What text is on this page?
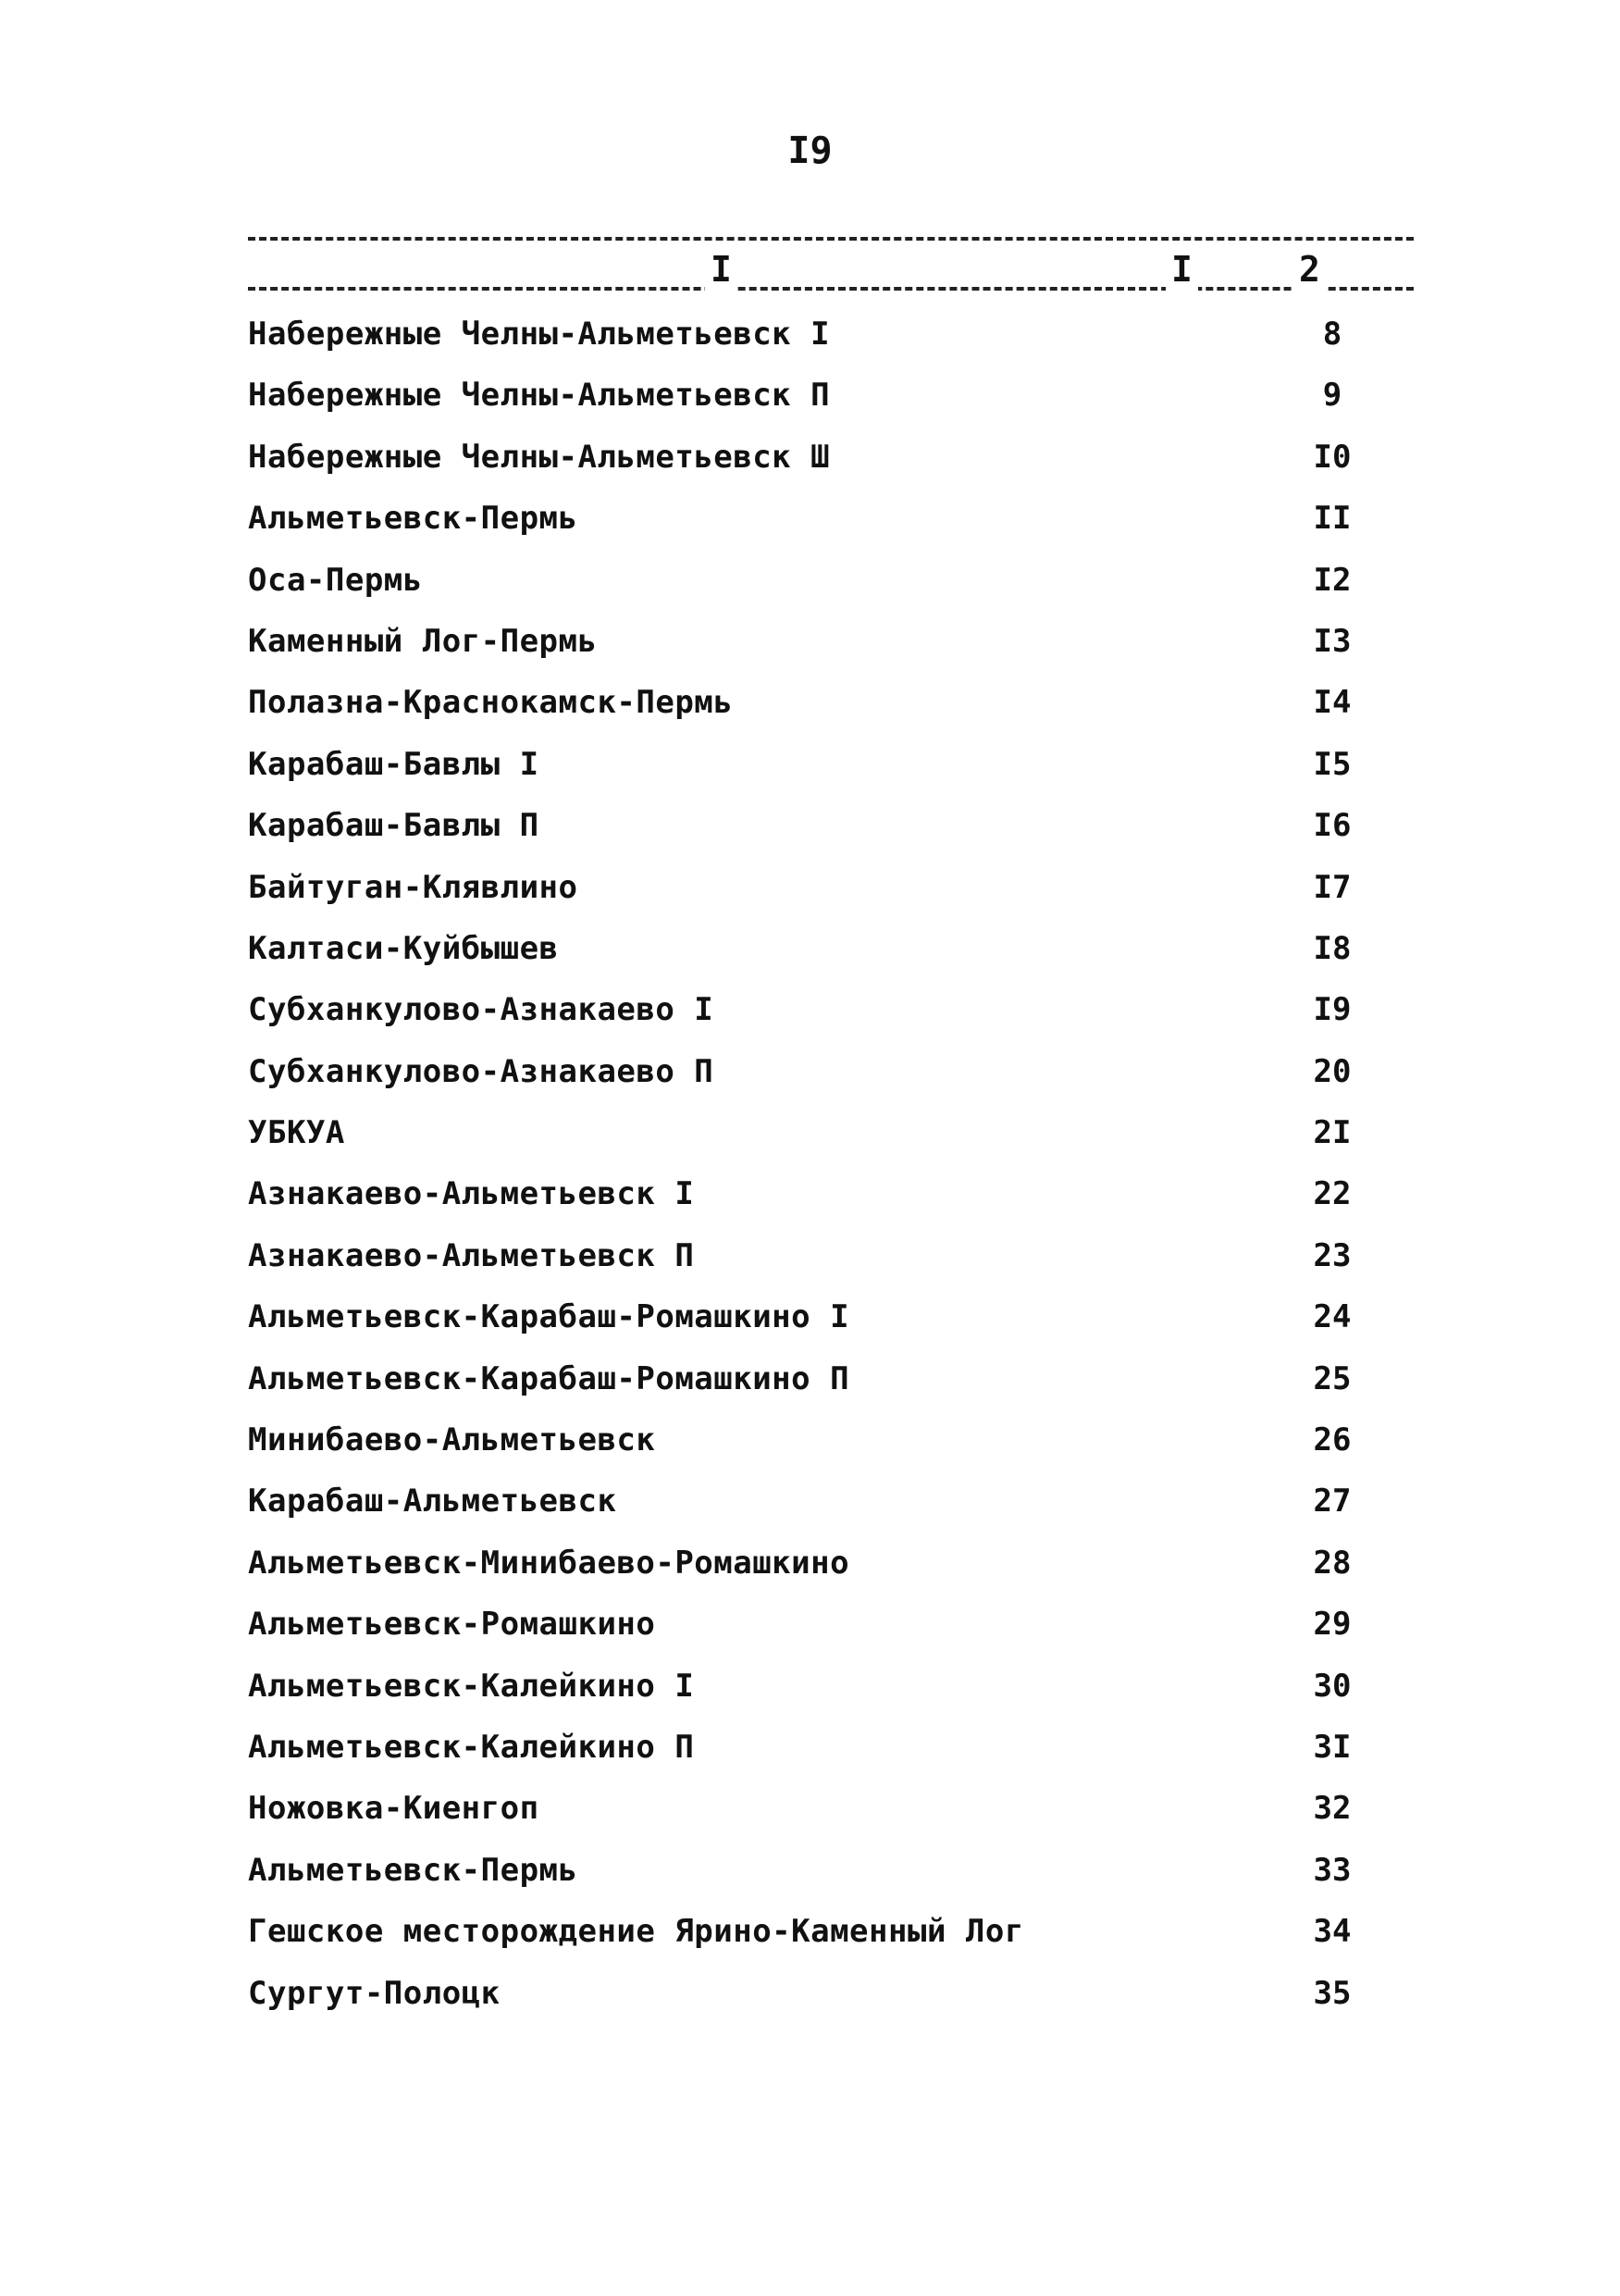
I9
I	I	2
Набережные Челны-Альметьевск I	8
Набережные Челны-Альметьевск П	9
Набережные Челны-Альметьевск Ш	I0
Альметьевск-Пермь	II
Оса-Пермь	I2
Каменный Лог-Пермь	I3
Полазна-Краснокамск-Пермь	I4
Карабаш-Бавлы I	I5
Карабаш-Бавлы П	I6
Байтуган-Клявлино	I7
Калтаси-Куйбышев	I8
Субханкулово-Азнакаево I	I9
Субханкулово-Азнакаево П	20
УБКУА	2I
Азнакаево-Альметьевск I	22
Азнакаево-Альметьевск П	23
Альметьевск-Карабаш-Ромашкино I	24
Альметьевск-Карабаш-Ромашкино П	25
Минибаево-Альметьевск	26
Карабаш-Альметьевск	27
Альметьевск-Минибаево-Ромашкино	28
Альметьевск-Ромашкино	29
Альметьевск-Калейкино I	30
Альметьевск-Калейкино П	3I
Ножовка-Киенгоп	32
Альметьевск-Пермь	33
Гешское месторождение Ярино-Каменный Лог	34
Сургут-Полоцк	35
